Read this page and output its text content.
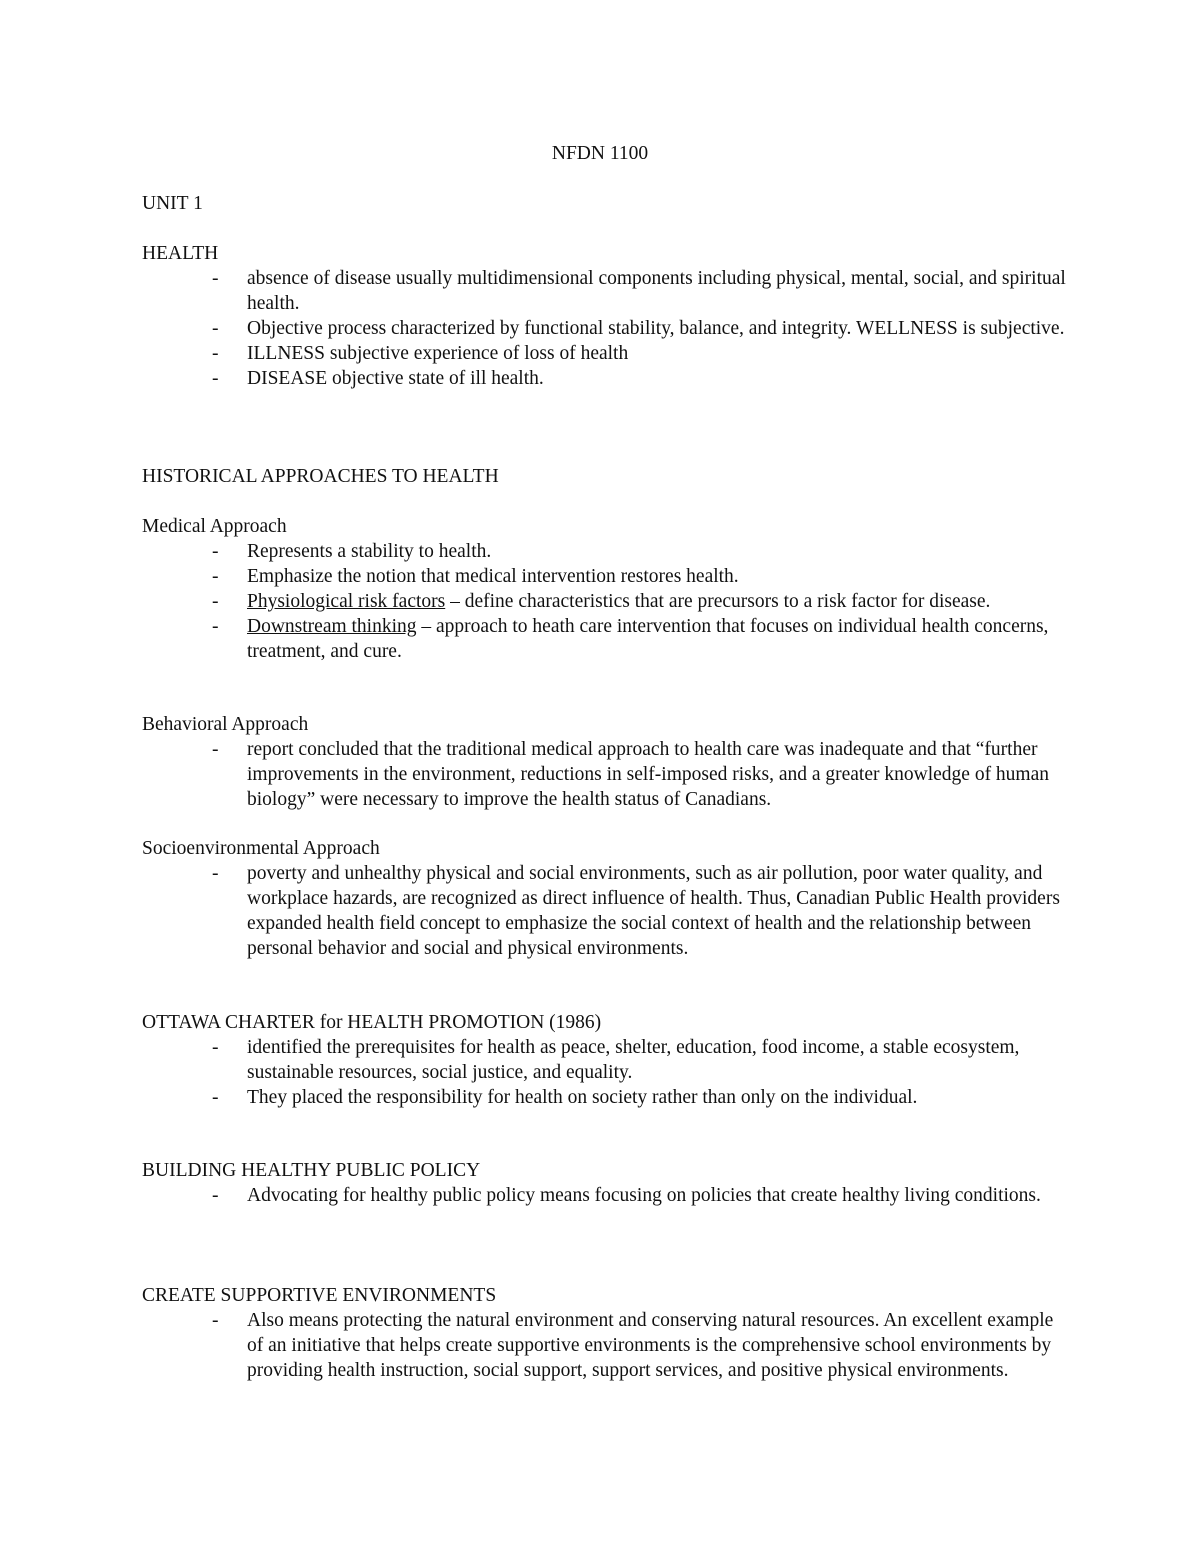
NFDN 1100
UNIT 1
HEALTH
- absence of disease usually multidimensional components including physical, mental, social, and spiritual health.
- Objective process characterized by functional stability, balance, and integrity. WELLNESS is subjective.
- ILLNESS subjective experience of loss of health
- DISEASE objective state of ill health.
HISTORICAL APPROACHES TO HEALTH
Medical Approach
- Represents a stability to health.
- Emphasize the notion that medical intervention restores health.
- Physiological risk factors – define characteristics that are precursors to a risk factor for disease.
- Downstream thinking – approach to heath care intervention that focuses on individual health concerns, treatment, and cure.
Behavioral Approach
- report concluded that the traditional medical approach to health care was inadequate and that “further improvements in the environment, reductions in self-imposed risks, and a greater knowledge of human biology” were necessary to improve the health status of Canadians.
Socioenvironmental Approach
- poverty and unhealthy physical and social environments, such as air pollution, poor water quality, and workplace hazards, are recognized as direct influence of health. Thus, Canadian Public Health providers expanded health field concept to emphasize the social context of health and the relationship between personal behavior and social and physical environments.
OTTAWA CHARTER for HEALTH PROMOTION (1986)
- identified the prerequisites for health as peace, shelter, education, food income, a stable ecosystem, sustainable resources, social justice, and equality.
- They placed the responsibility for health on society rather than only on the individual.
BUILDING HEALTHY PUBLIC POLICY
- Advocating for healthy public policy means focusing on policies that create healthy living conditions.
CREATE SUPPORTIVE ENVIRONMENTS
- Also means protecting the natural environment and conserving natural resources. An excellent example of an initiative that helps create supportive environments is the comprehensive school environments by providing health instruction, social support, support services, and positive physical environments.
